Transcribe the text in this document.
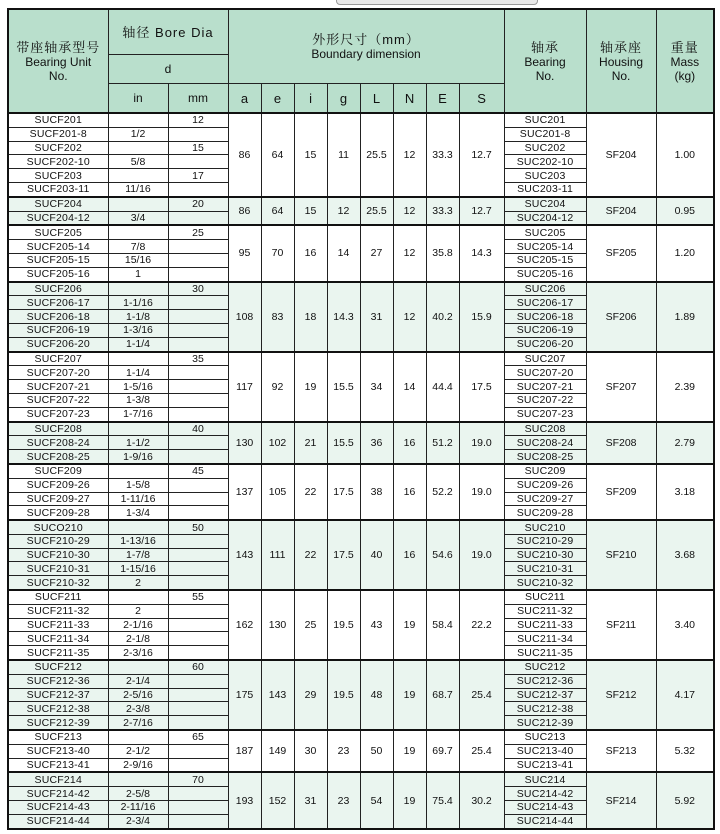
带座轴承型号
Bearing Unit
No.	轴径 Bore Dia		外形尺寸（mm）
Boundary dimension								轴承
Bearing
No.	轴承座
Housing
No.	重量
Mass
(kg)

	d												
	in	mm	a	e	i	g	L	N	E	S			
SUCF201		12	86	64	15	11	25.5	12	33.3	12.7	SUC201	SF204	1.00
SUCF201-8	1/2										SUC201-8		
SUCF202		15									SUC202		
SUCF202-10	5/8										SUC202-10		
SUCF203		17									SUC203		
SUCF203-11	11/16										SUC203-11		
SUCF204		20	86	64	15	12	25.5	12	33.3	12.7	SUC204	SF204	0.95
SUCF204-12	3/4										SUC204-12		
SUCF205		25	95	70	16	14	27	12	35.8	14.3	SUC205	SF205	1.20
SUCF205-14	7/8										SUC205-14		
SUCF205-15	15/16										SUC205-15		
SUCF205-16	1										SUC205-16		
SUCF206		30	108	83	18	14.3	31	12	40.2	15.9	SUC206	SF206	1.89
SUCF206-17	1-1/16										SUC206-17		
SUCF206-18	1-1/8										SUC206-18		
SUCF206-19	1-3/16										SUC206-19		
SUCF206-20	1-1/4										SUC206-20		
SUCF207		35	117	92	19	15.5	34	14	44.4	17.5	SUC207	SF207	2.39
SUCF207-20	1-1/4										SUC207-20		
SUCF207-21	1-5/16										SUC207-21		
SUCF207-22	1-3/8										SUC207-22		
SUCF207-23	1-7/16										SUC207-23		
SUCF208		40	130	102	21	15.5	36	16	51.2	19.0	SUC208	SF208	2.79
SUCF208-24	1-1/2										SUC208-24		
SUCF208-25	1-9/16										SUC208-25		
SUCF209		45	137	105	22	17.5	38	16	52.2	19.0	SUC209	SF209	3.18
SUCF209-26	1-5/8										SUC209-26		
SUCF209-27	1-11/16										SUC209-27		
SUCF209-28	1-3/4										SUC209-28		
SUCO210		50	143	111	22	17.5	40	16	54.6	19.0	SUC210	SF210	3.68
SUCF210-29	1-13/16										SUC210-29		
SUCF210-30	1-7/8										SUC210-30		
SUCF210-31	1-15/16										SUC210-31		
SUCF210-32	2										SUC210-32		
SUCF211		55	162	130	25	19.5	43	19	58.4	22.2	SUC211	SF211	3.40
SUCF211-32	2										SUC211-32		
SUCF211-33	2-1/16										SUC211-33		
SUCF211-34	2-1/8										SUC211-34		
SUCF211-35	2-3/16										SUC211-35		
SUCF212		60	175	143	29	19.5	48	19	68.7	25.4	SUC212	SF212	4.17
SUCF212-36	2-1/4										SUC212-36		
SUCF212-37	2-5/16										SUC212-37		
SUCF212-38	2-3/8										SUC212-38		
SUCF212-39	2-7/16										SUC212-39		
SUCF213		65	187	149	30	23	50	19	69.7	25.4	SUC213	SF213	5.32
SUCF213-40	2-1/2										SUC213-40		
SUCF213-41	2-9/16										SUC213-41		
SUCF214		70	193	152	31	23	54	19	75.4	30.2	SUC214	SF214	5.92
SUCF214-42	2-5/8										SUC214-42		
SUCF214-43	2-11/16										SUC214-43		
SUCF214-44	2-3/4										SUC214-44		
